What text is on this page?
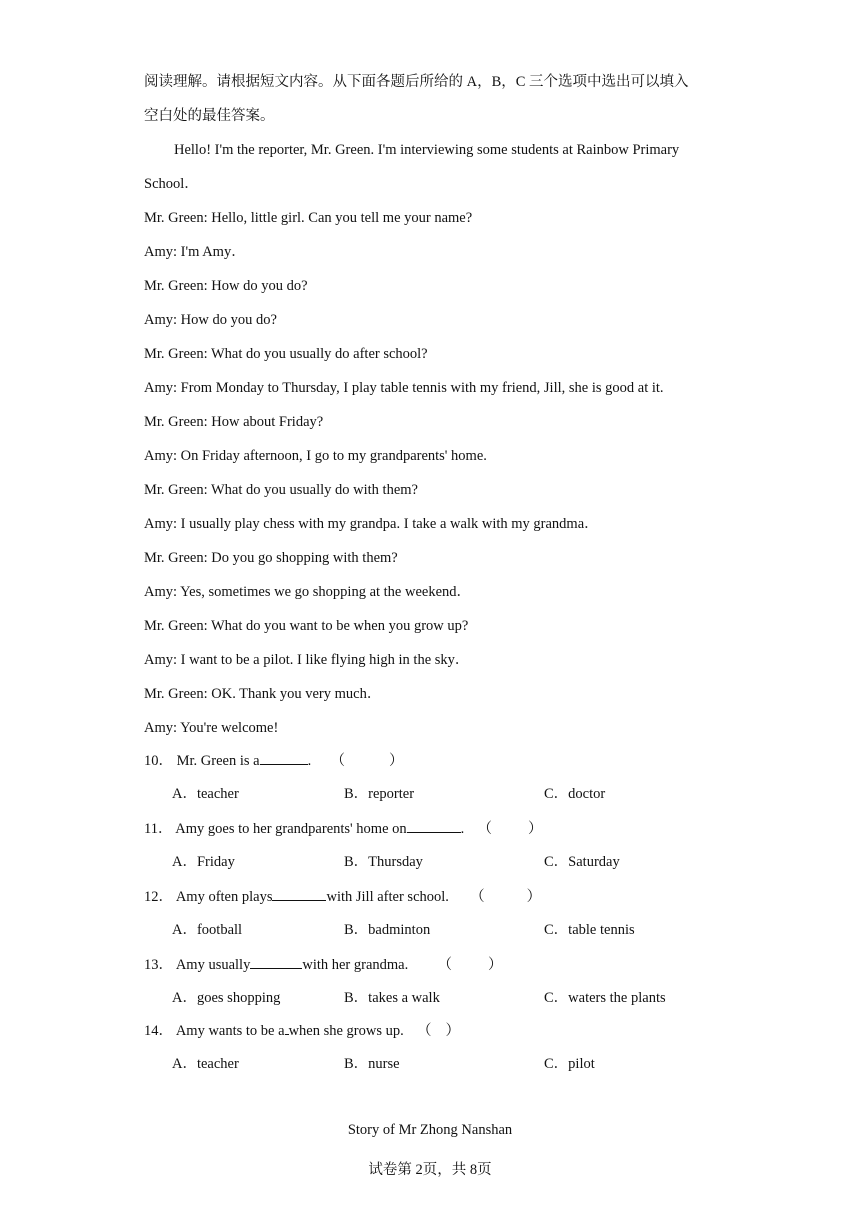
阅读理解。请根据短文内容。从下面各题后所给的 A，B，C 三个选项中选出可以填入
空白处的最佳答案。
Hello! I'm the reporter, Mr. Green. I'm interviewing some students at Rainbow Primary
School．
Mr. Green: Hello, little girl. Can you tell me your name?
Amy: I'm Amy．
Mr. Green: How do you do?
Amy: How do you do?
Mr. Green: What do you usually do after school?
Amy: From Monday to Thursday, I play table tennis with my friend, Jill, she is good at it.
Mr. Green: How about Friday?
Amy: On Friday afternoon, I go to my grandparents' home.
Mr. Green: What do you usually do with them?
Amy: I usually play chess with my grandpa. I take a walk with my grandma．
Mr. Green: Do you go shopping with them?
Amy: Yes, sometimes we go shopping at the weekend．
Mr. Green: What do you want to be when you grow up?
Amy: I want to be a pilot. I like flying high in the sky．
Mr. Green: OK. Thank you very much．
Amy: You're welcome!
10． Mr. Green is a	. （	）
A．teacher	B．reporter	C．doctor
11． Amy goes to her grandparents' home on	. （ ）
A．Friday	B．Thursday	C．Saturday
12． Amy often plays	with Jill after school. （	）
A．football	B．badminton	C．table tennis
13． Amy usually	with her grandma. （ ）
A．goes shopping	B．takes a walk	C．waters the plants
14． Amy wants to be a when she grows up. （ ）
A．teacher	B．nurse	C．pilot
Story of Mr Zhong Nanshan
试卷第 2页，共 8页
